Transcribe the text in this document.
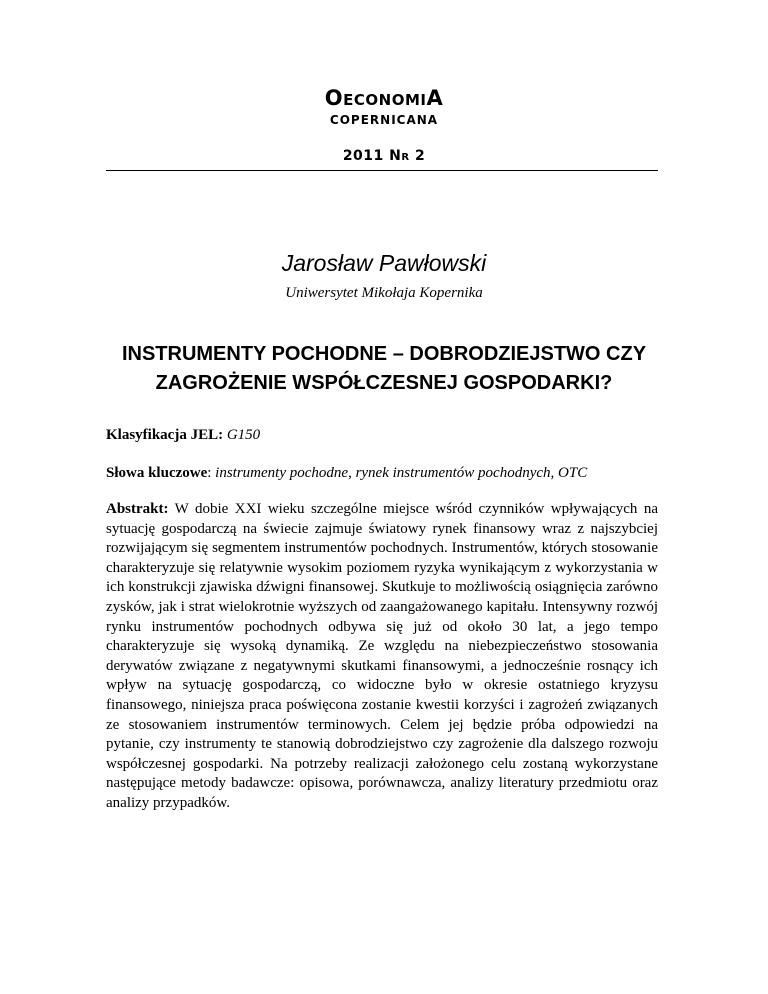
OeconomiA
COPERNICANA
2011 Nr 2
Jarosław Pawłowski
Uniwersytet Mikołaja Kopernika
INSTRUMENTY POCHODNE – DOBRODZIEJSTWO CZY ZAGROŻENIE WSPÓŁCZESNEJ GOSPODARKI?
Klasyfikacja JEL: G150
Słowa kluczowe: instrumenty pochodne, rynek instrumentów pochodnych, OTC
Abstrakt: W dobie XXI wieku szczególne miejsce wśród czynników wpływających na sytuację gospodarczą na świecie zajmuje światowy rynek finansowy wraz z najszybciej rozwijającym się segmentem instrumentów pochodnych. Instrumentów, których stosowanie charakteryzuje się relatywnie wysokim poziomem ryzyka wynikającym z wykorzystania w ich konstrukcji zjawiska dźwigni finansowej. Skutkuje to możliwością osiągnięcia zarówno zysków, jak i strat wielokrotnie wyższych od zaangażowanego kapitału. Intensywny rozwój rynku instrumentów pochodnych odbywa się już od około 30 lat, a jego tempo charakteryzuje się wysoką dynamiką. Ze względu na niebezpieczeństwo stosowania derywatów związane z negatywnymi skutkami finansowymi, a jednocześnie rosnący ich wpływ na sytuację gospodarczą, co widoczne było w okresie ostatniego kryzysu finansowego, niniejsza praca poświęcona zostanie kwestii korzyści i zagrożeń związanych ze stosowaniem instrumentów terminowych. Celem jej będzie próba odpowiedzi na pytanie, czy instrumenty te stanowią dobrodziejstwo czy zagrożenie dla dalszego rozwoju współczesnej gospodarki. Na potrzeby realizacji założonego celu zostaną wykorzystane następujące metody badawcze: opisowa, porównawcza, analizy literatury przedmiotu oraz analizy przypadków.
